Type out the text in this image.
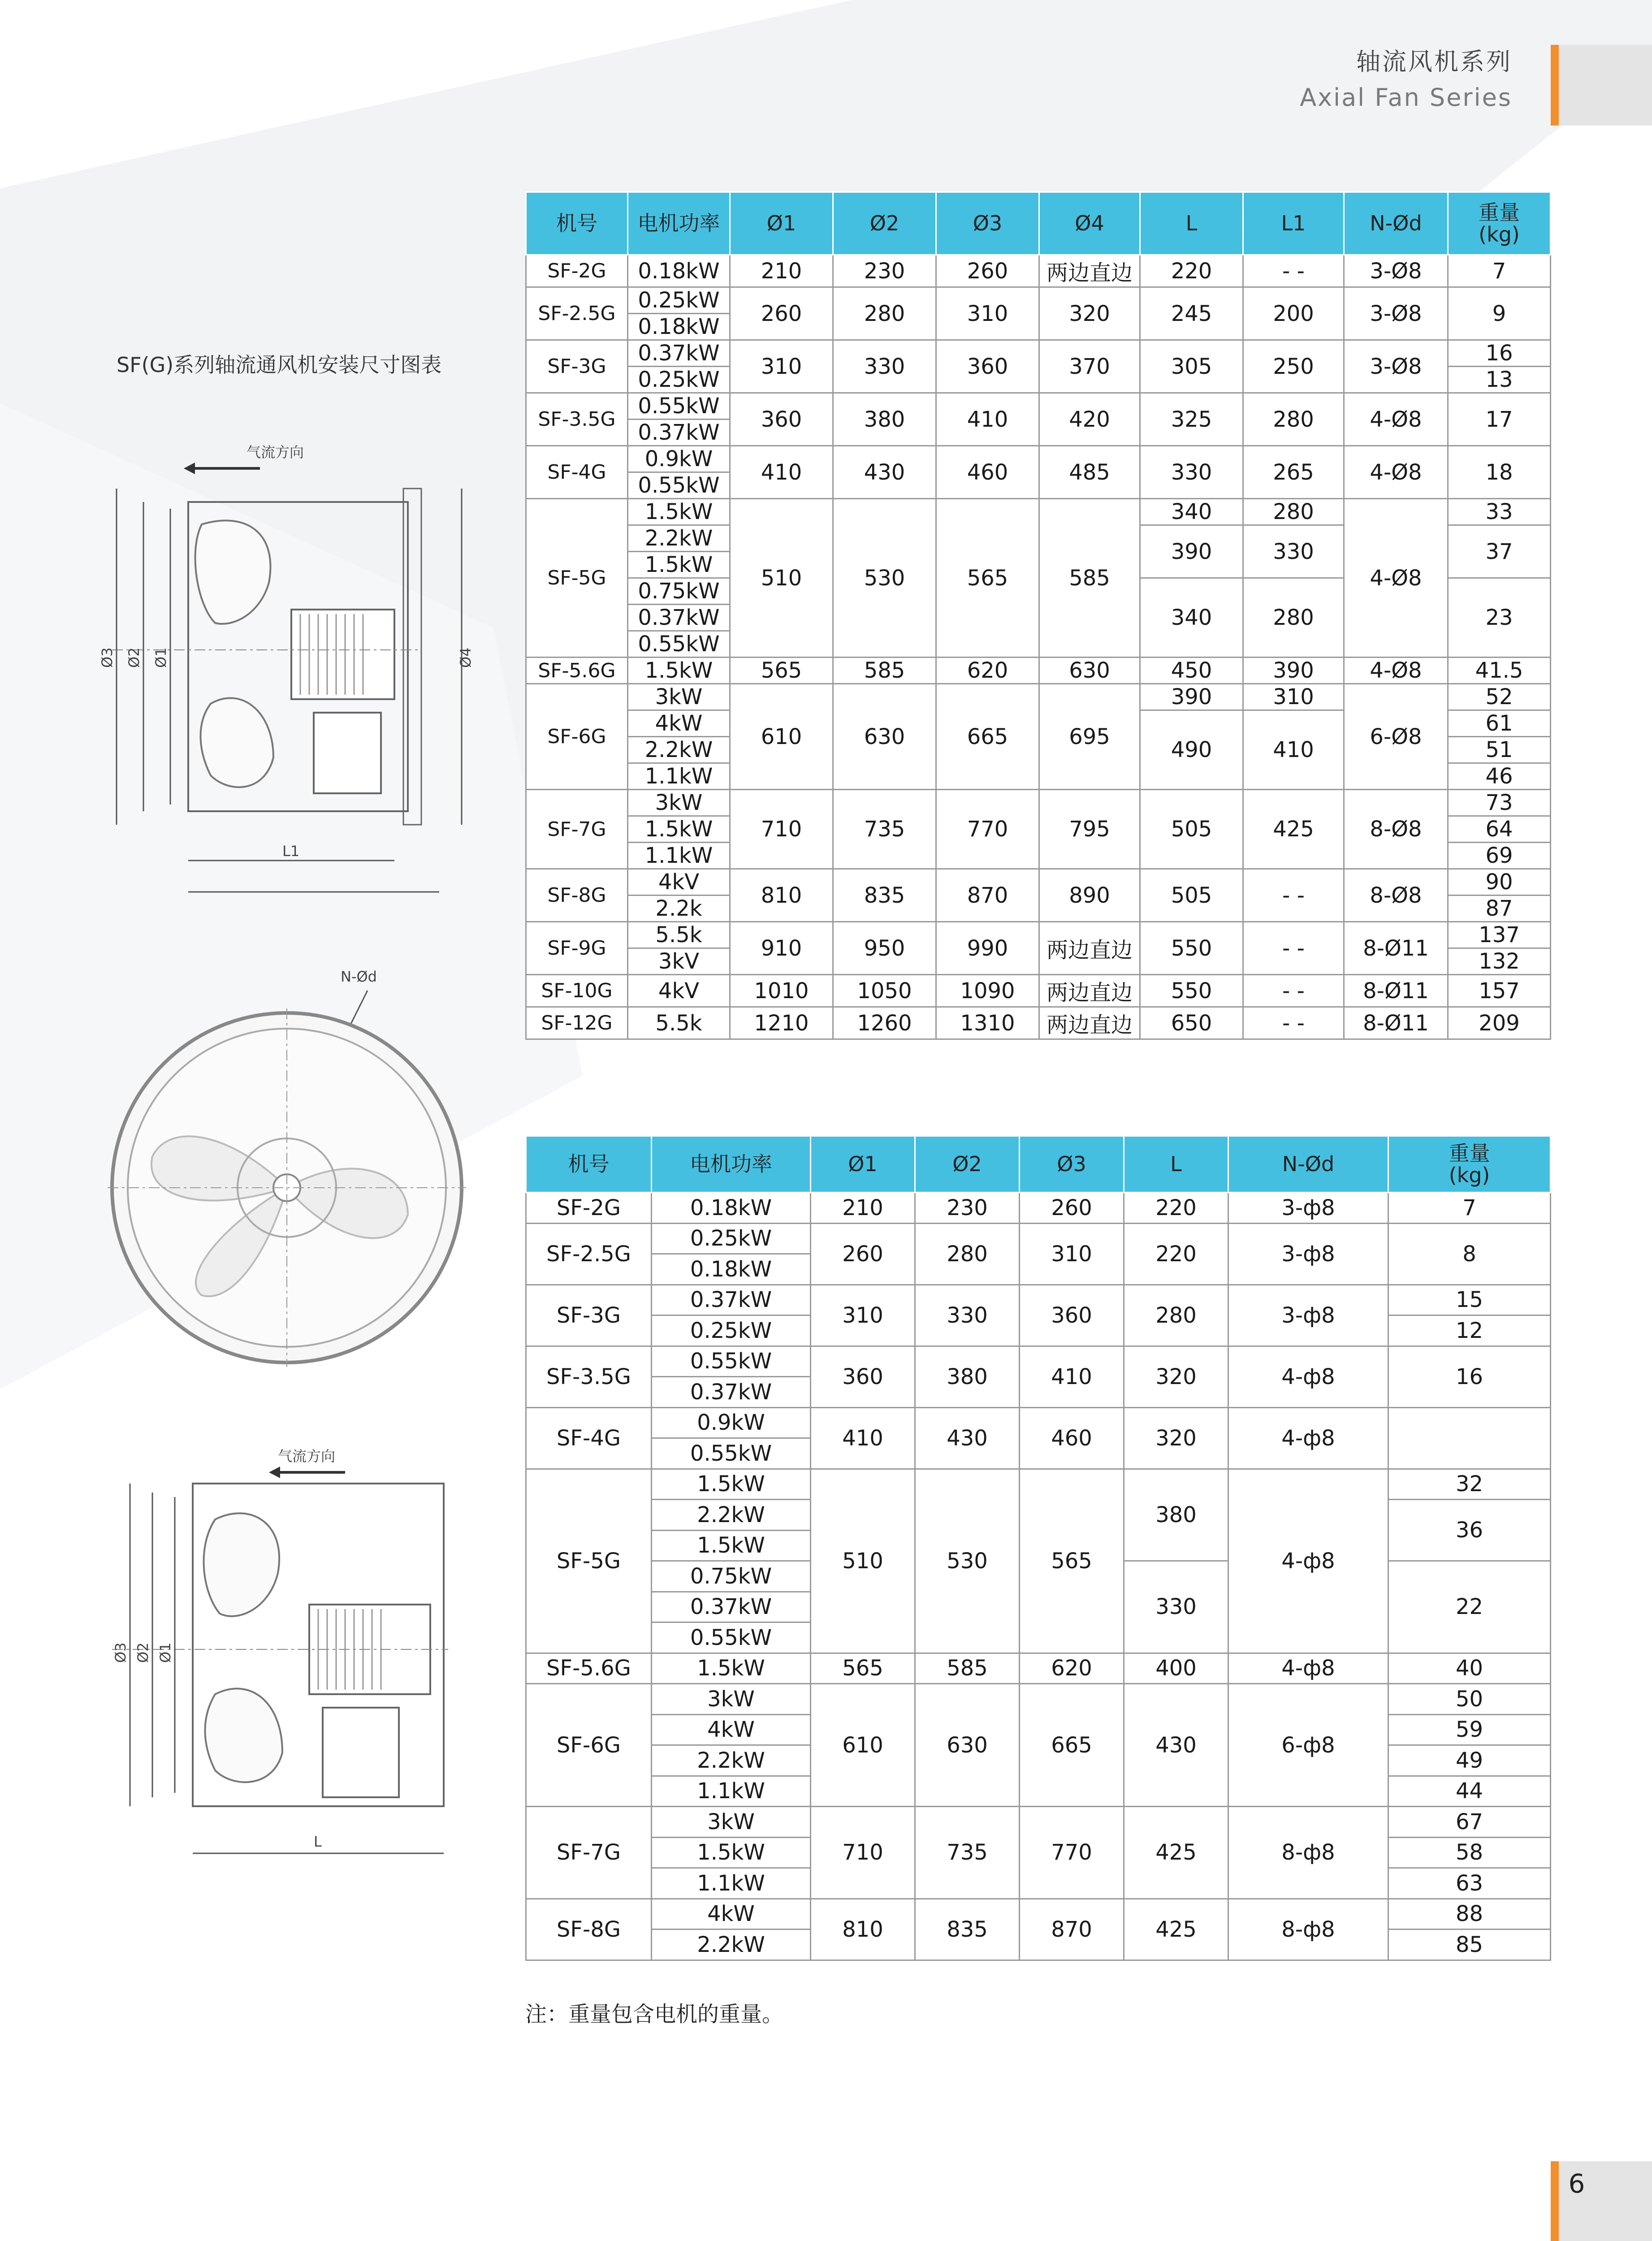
轴流风机系列
Axial Fan Series
SF(G)系列轴流通风机安装尺寸图表
气流方向
Ø3 Ø2 Ø1	Ø4
L1
N-Ød
气流方向
Ø3 Ø2 Ø1
L
机号	电机功率	Ø1	Ø2	Ø3	Ø4	L	L1	N-Ød	重量
(kg)
SF-2G	0.18kW	210	230	260	两边直边	220	- -	3-Ø8	7
SF-2.5G	0.25kW	260	280	310	320	245	200	3-Ø8	9
	0.18kW								
SF-3G	0.37kW	310	330	360	370	305	250	3-Ø8	16
	0.25kW								13
SF-3.5G	0.55kW	360	380	410	420	325	280	4-Ø8	17
	0.37kW								
SF-4G	0.9kW	410	430	460	485	330	265	4-Ø8	18
	0.55kW								
SF-5G	1.5kW	510	530	565	585	340	280	4-Ø8	33
	2.2kW					390	330		37
	1.5kW								
	0.75kW					340	280		23
	0.37kW								
	0.55kW								
SF-5.6G	1.5kW	565	585	620	630	450	390	4-Ø8	41.5
SF-6G	3kW	610	630	665	695	390	310	6-Ø8	52
	4kW					490	410		61
	2.2kW								51
	1.1kW								46
SF-7G	3kW	710	735	770	795	505	425	8-Ø8	73
	1.5kW								64
	1.1kW								69
SF-8G	4kV	810	835	870	890	505	- -	8-Ø8	90
	2.2k								87
SF-9G	5.5k	910	950	990	两边直边	550	- -	8-Ø11	137
	3kV								132
SF-10G	4kV	1010	1050	1090	两边直边	550	- -	8-Ø11	157
SF-12G	5.5k	1210	1260	1310	两边直边	650	- -	8-Ø11	209
机号	电机功率	Ø1	Ø2	Ø3	L	N-Ød	重量
(kg)
SF-2G	0.18kW	210	230	260	220	3-ф8	7
SF-2.5G	0.25kW	260	280	310	220	3-ф8	8
	0.18kW						
SF-3G	0.37kW	310	330	360	280	3-ф8	15
	0.25kW						12
SF-3.5G	0.55kW	360	380	410	320	4-ф8	16
	0.37kW						
SF-4G	0.9kW	410	430	460	320	4-ф8	
	0.55kW						
SF-5G	1.5kW	510	530	565	380	4-ф8	32
	2.2kW						36
	1.5kW						
	0.75kW				330		22
	0.37kW						
	0.55kW						
SF-5.6G	1.5kW	565	585	620	400	4-ф8	40
SF-6G	3kW	610	630	665	430	6-ф8	50
	4kW						59
	2.2kW						49
	1.1kW						44
SF-7G	3kW	710	735	770	425	8-ф8	67
	1.5kW						58
	1.1kW						63
SF-8G	4kW	810	835	870	425	8-ф8	88
	2.2kW						85
注：重量包含电机的重量。
6
